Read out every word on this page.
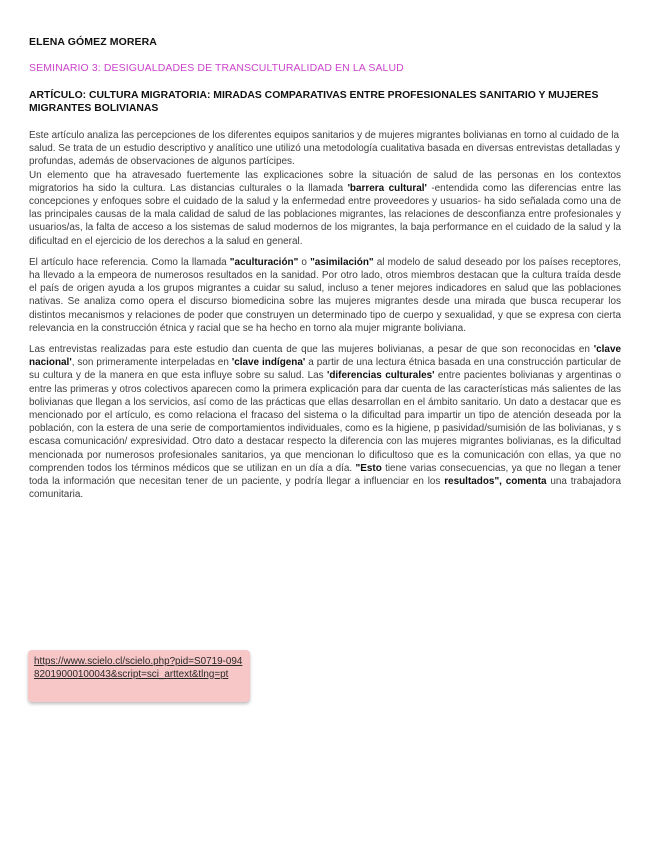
ELENA GÓMEZ MORERA
SEMINARIO 3: DESIGUALDADES DE TRANSCULTURALIDAD EN LA SALUD
ARTÍCULO: CULTURA MIGRATORIA: MIRADAS COMPARATIVAS ENTRE PROFESIONALES SANITARIO Y MUJERES MIGRANTES BOLIVIANAS

Este artículo analiza las percepciones de los diferentes equipos sanitarios y de mujeres migrantes bolivianas en torno al cuidado de la salud. Se trata de un estudio descriptivo y analítico une utilizó una metodología cualitativa basada en diversas entrevistas detalladas y profundas, además de observaciones de algunos partícipes.

Un elemento que ha atravesado fuertemente las explicaciones sobre la situación de salud de las personas en los contextos migratorios ha sido la cultura. Las distancias culturales o la llamada 'barrera cultural' -entendida como las diferencias entre las concepciones y enfoques sobre el cuidado de la salud y la enfermedad entre proveedores y usuarios- ha sido señalada como una de las principales causas de la mala calidad de salud de las poblaciones migrantes, las relaciones de desconfianza entre profesionales y usuarios/as, la falta de acceso a los sistemas de salud modernos de los migrantes, la baja performance en el cuidado de la salud y la dificultad en el ejercicio de los derechos a la salud en general.

El artículo hace referencia. Como la llamada "aculturación" o "asimilación" al modelo de salud deseado por los países receptores, ha llevado a la empeora de numerosos resultados en la sanidad. Por otro lado, otros miembros destacan que la cultura traída desde el país de origen ayuda a los grupos migrantes a cuidar su salud, incluso a tener mejores indicadores en salud que las poblaciones nativas. Se analiza como opera el discurso biomedicina sobre las mujeres migrantes desde una mirada que busca recuperar los distintos mecanismos y relaciones de poder que construyen un determinado tipo de cuerpo y sexualidad, y que se expresa con cierta relevancia en la construcción étnica y racial que se ha hecho en torno ala mujer migrante boliviana.

Las entrevistas realizadas para este estudio dan cuenta de que las mujeres bolivianas, a pesar de que son reconocidas en 'clave nacional', son primeramente interpeladas en 'clave indígena' a partir de una lectura étnica basada en una construcción particular de su cultura y de la manera en que esta influye sobre su salud. Las 'diferencias culturales' entre pacientes bolivianas y argentinas o entre las primeras y otros colectivos aparecen como la primera explicación para dar cuenta de las características más salientes de las bolivianas que llegan a los servicios, así como de las prácticas que ellas desarrollan en el ámbito sanitario. Un dato a destacar que es mencionado por el artículo, es como relaciona el fracaso del sistema o la dificultad para impartir un tipo de atención deseada por la población, con la estera de una serie de comportamientos individuales, como es la higiene, p pasividad/sumisión de las bolivianas, y s escasa comunicación/ expresividad. Otro dato a destacar respecto la diferencia con las mujeres migrantes bolivianas, es la dificultad mencionada por numerosos profesionales sanitarios, ya que mencionan lo dificultoso que es la comunicación con ellas, ya que no comprenden todos los términos médicos que se utilizan en un día a día. "Esto tiene varias consecuencias, ya que no llegan a tener toda la información que necesitan tener de un paciente, y podría llegar a influenciar en los resultados", comenta una trabajadora comunitaria.

https://www.scielo.cl/scielo.php?pid=S0719-09482019000100043&script=sci_arttext&tlng=pt
